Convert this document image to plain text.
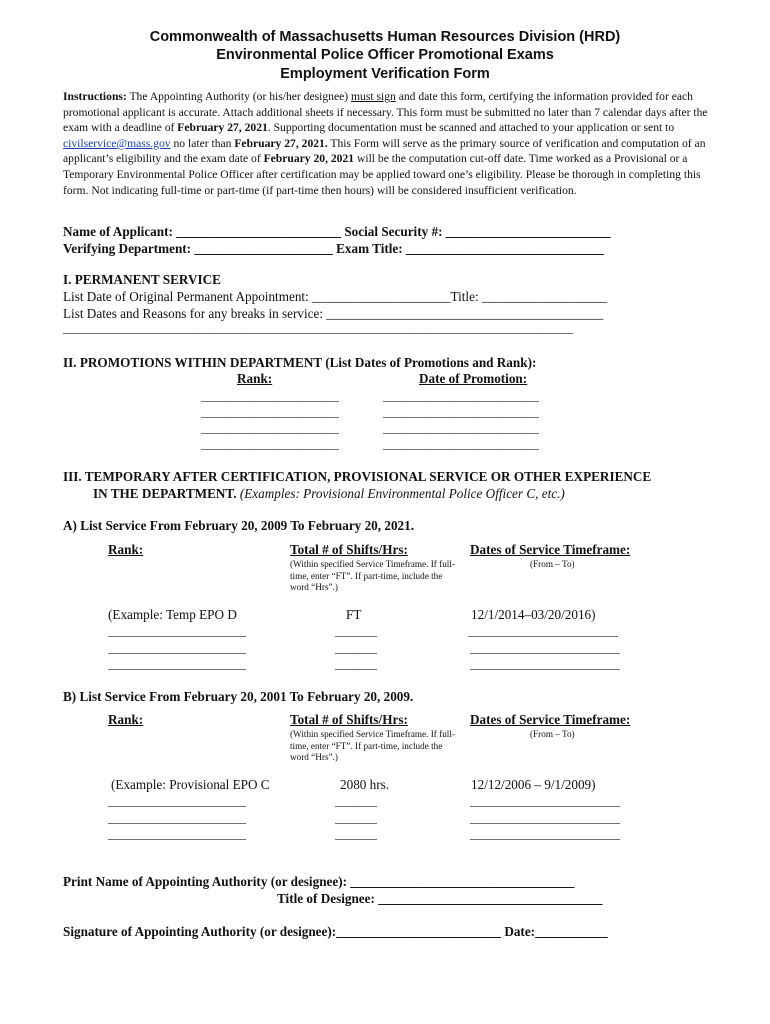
Commonwealth of Massachusetts Human Resources Division (HRD)
Environmental Police Officer Promotional Exams
Employment Verification Form

Instructions: The Appointing Authority (or his/her designee) must sign and date this form, certifying the information provided for each promotional applicant is accurate. Attach additional sheets if necessary. This form must be submitted no later than 7 calendar days after the exam with a deadline of February 27, 2021. Supporting documentation must be scanned and attached to your application or sent to civilservice@mass.gov no later than February 27, 2021. This Form will serve as the primary source of verification and computation of an applicant’s eligibility and the exam date of February 20, 2021 will be the computation cut-off date. Time worked as a Provisional or a Temporary Environmental Police Officer after certification may be applied toward one’s eligibility. Please be thorough in completing this form. Not indicating full-time or part-time (if part-time then hours) will be considered insufficient verification.

Name of Applicant: _________________________ Social Security #: _________________________
Verifying Department: _____________________ Exam Title: ______________________________
I. PERMANENT SERVICE
List Date of Original Permanent Appointment: _____________________Title: ___________________
List Dates and Reasons for any breaks in service: __________________________________________
________________________________________________________________________________________
II. PROMOTIONS WITHIN DEPARTMENT (List Dates of Promotions and Rank):
Rank:	Date of Promotion:
_______________________	__________________________
_______________________	__________________________
_______________________	__________________________
_______________________	__________________________
III. TEMPORARY AFTER CERTIFICATION, PROVISIONAL SERVICE OR OTHER EXPERIENCE
IN THE DEPARTMENT. (Examples: Provisional Environmental Police Officer C, etc.)
A) List Service From February 20, 2009 To February 20, 2021.
Rank:	Total # of Shifts/Hrs:	Dates of Service Timeframe:
(Within specified Service Timeframe. If full-time, enter “FT”. If part-time, include the word “Hrs”.)
(From – To)
(Example: Temp EPO D	FT	12/1/2014–03/20/2016)
_______________________	_______	_________________________
_______________________	_______	_________________________
_______________________	_______	_________________________
B) List Service From February 20, 2001 To February 20, 2009.
Rank:	Total # of Shifts/Hrs:	Dates of Service Timeframe:
(Within specified Service Timeframe. If full-time, enter “FT”. If part-time, include the word “Hrs”.)
(From – To)
(Example: Provisional EPO C	2080 hrs.	12/12/2006 – 9/1/2009)
_______________________	_______	_________________________
_______________________	_______	_________________________
_______________________	_______	_________________________
Print Name of Appointing Authority (or designee): __________________________________
Title of Designee: __________________________________
Signature of Appointing Authority (or designee):_________________________ Date:___________
